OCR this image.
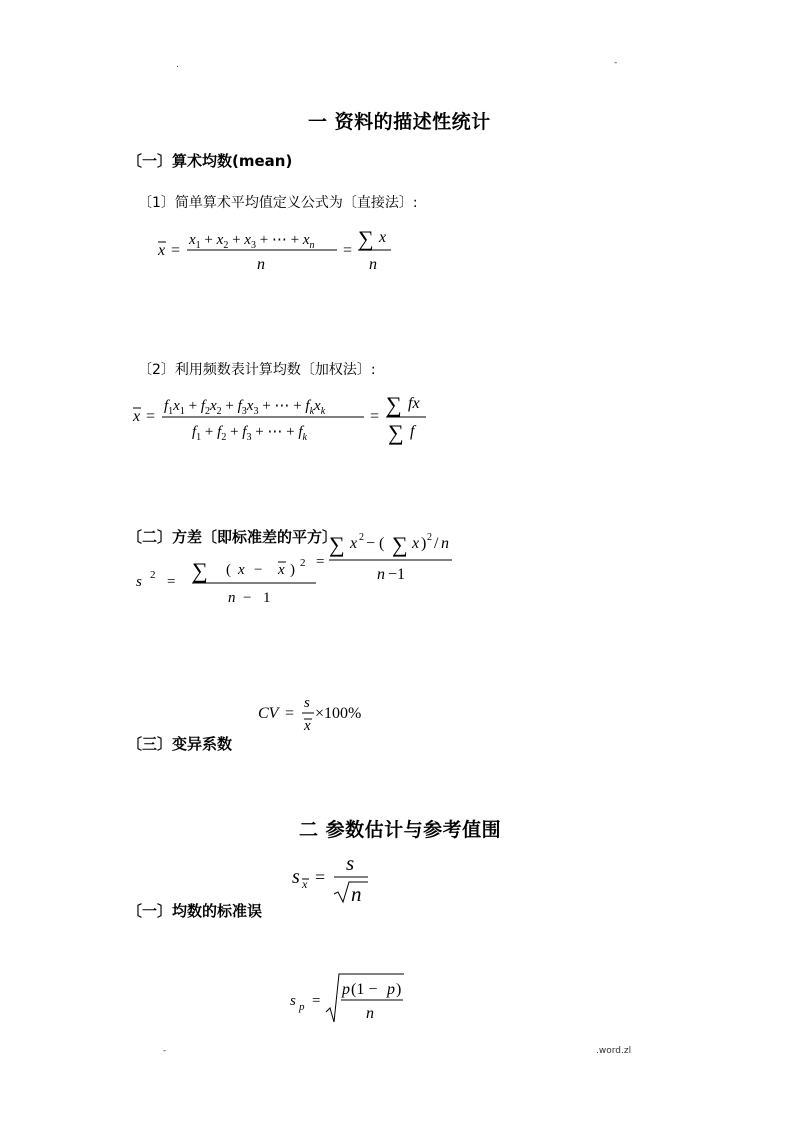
.	-
-	.word.zl
一 资料的描述性统计
〔一〕算术均数(mean)
〔1〕简单算术平均值定义公式为〔直接法〕:
x =
$x_1 + x_2 + x_3$ + ⋯ + $x_n$
n
= ∑ x
n
〔2〕利用频数表计算均数〔加权法〕:
x =
$f_1x_1 + f_2x_2 + f_3x_3$ + ⋯ + $f_kx_k$
$f_1 + f_2 + f_3$ + ⋯ + $f_k$
= ∑ fx
∑ f
〔二〕方差〔即标准差的平方〕
s 2 = ∑ ( x − x ) 2
n − 1
=
∑ x 2 − ( ∑ x ) 2 / n
n −1
CV =
s
x
×100%
〔三〕变异系数
二 参数估计与参考值围
s x =
s
n
〔一〕均数的标准误
s p =
p (1 − p )
n
